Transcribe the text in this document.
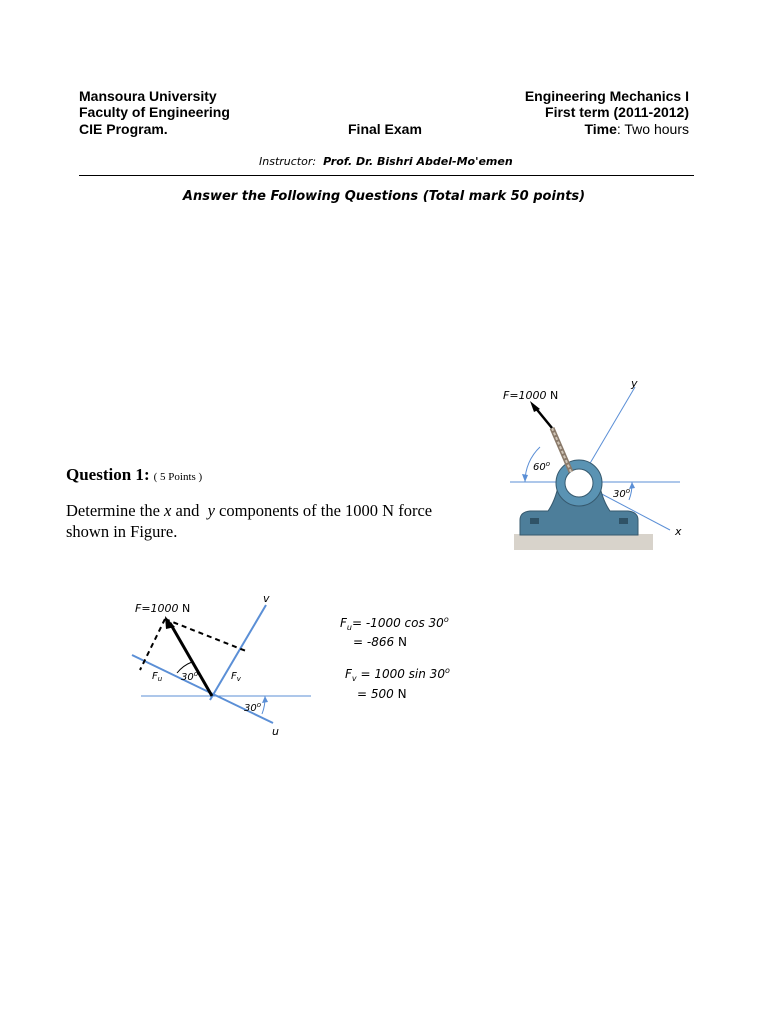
Mansoura University
Faculty of Engineering
CIE Program.	Final Exam
Engineering Mechanics I
First term (2011-2012)
Time: Two hours
Instructor: Prof. Dr. Bishri Abdel-Mo'emen
Answer the Following Questions (Total mark 50 points)
Question 1: ( 5 Points )
Determine the x and y components of the 1000 N force
shown in Figure.
F=1000 N
60$^o$
30$^o$
y
x
F=1000 N
v
u
$F_u$	$F_v$
30$^o$
30$^o$
$F_u= -1000$ $\cos 30^o$
= -866 N
$F_v = 1000$ $\sin 30^o$
= 500 N
